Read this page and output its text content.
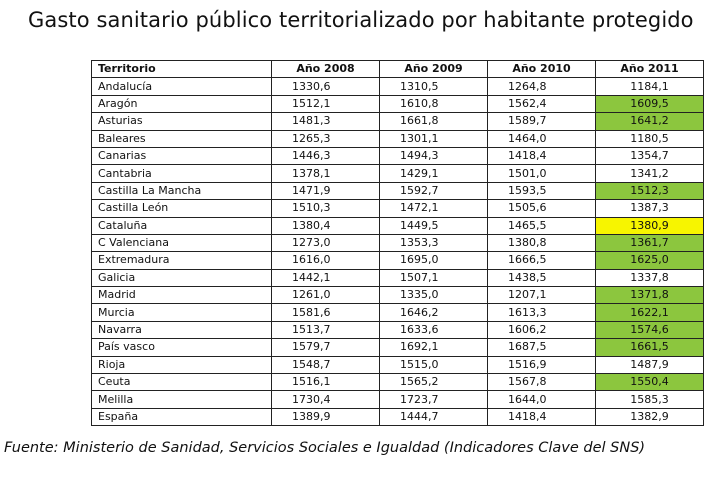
Gasto sanitario público territorializado por habitante protegido
Territorio	Año 2008	Año 2009	Año 2010	Año 2011
Andalucía	1330,6	1310,5	1264,8	1184,1
Aragón	1512,1	1610,8	1562,4	1609,5
Asturias	1481,3	1661,8	1589,7	1641,2
Baleares	1265,3	1301,1	1464,0	1180,5
Canarias	1446,3	1494,3	1418,4	1354,7
Cantabria	1378,1	1429,1	1501,0	1341,2
Castilla La Mancha	1471,9	1592,7	1593,5	1512,3
Castilla León	1510,3	1472,1	1505,6	1387,3
Cataluña	1380,4	1449,5	1465,5	1380,9
C Valenciana	1273,0	1353,3	1380,8	1361,7
Extremadura	1616,0	1695,0	1666,5	1625,0
Galicia	1442,1	1507,1	1438,5	1337,8
Madrid	1261,0	1335,0	1207,1	1371,8
Murcia	1581,6	1646,2	1613,3	1622,1
Navarra	1513,7	1633,6	1606,2	1574,6
País vasco	1579,7	1692,1	1687,5	1661,5
Rioja	1548,7	1515,0	1516,9	1487,9
Ceuta	1516,1	1565,2	1567,8	1550,4
Melilla	1730,4	1723,7	1644,0	1585,3
España	1389,9	1444,7	1418,4	1382,9
Fuente: Ministerio de Sanidad, Servicios Sociales e Igualdad (Indicadores Clave del SNS)
